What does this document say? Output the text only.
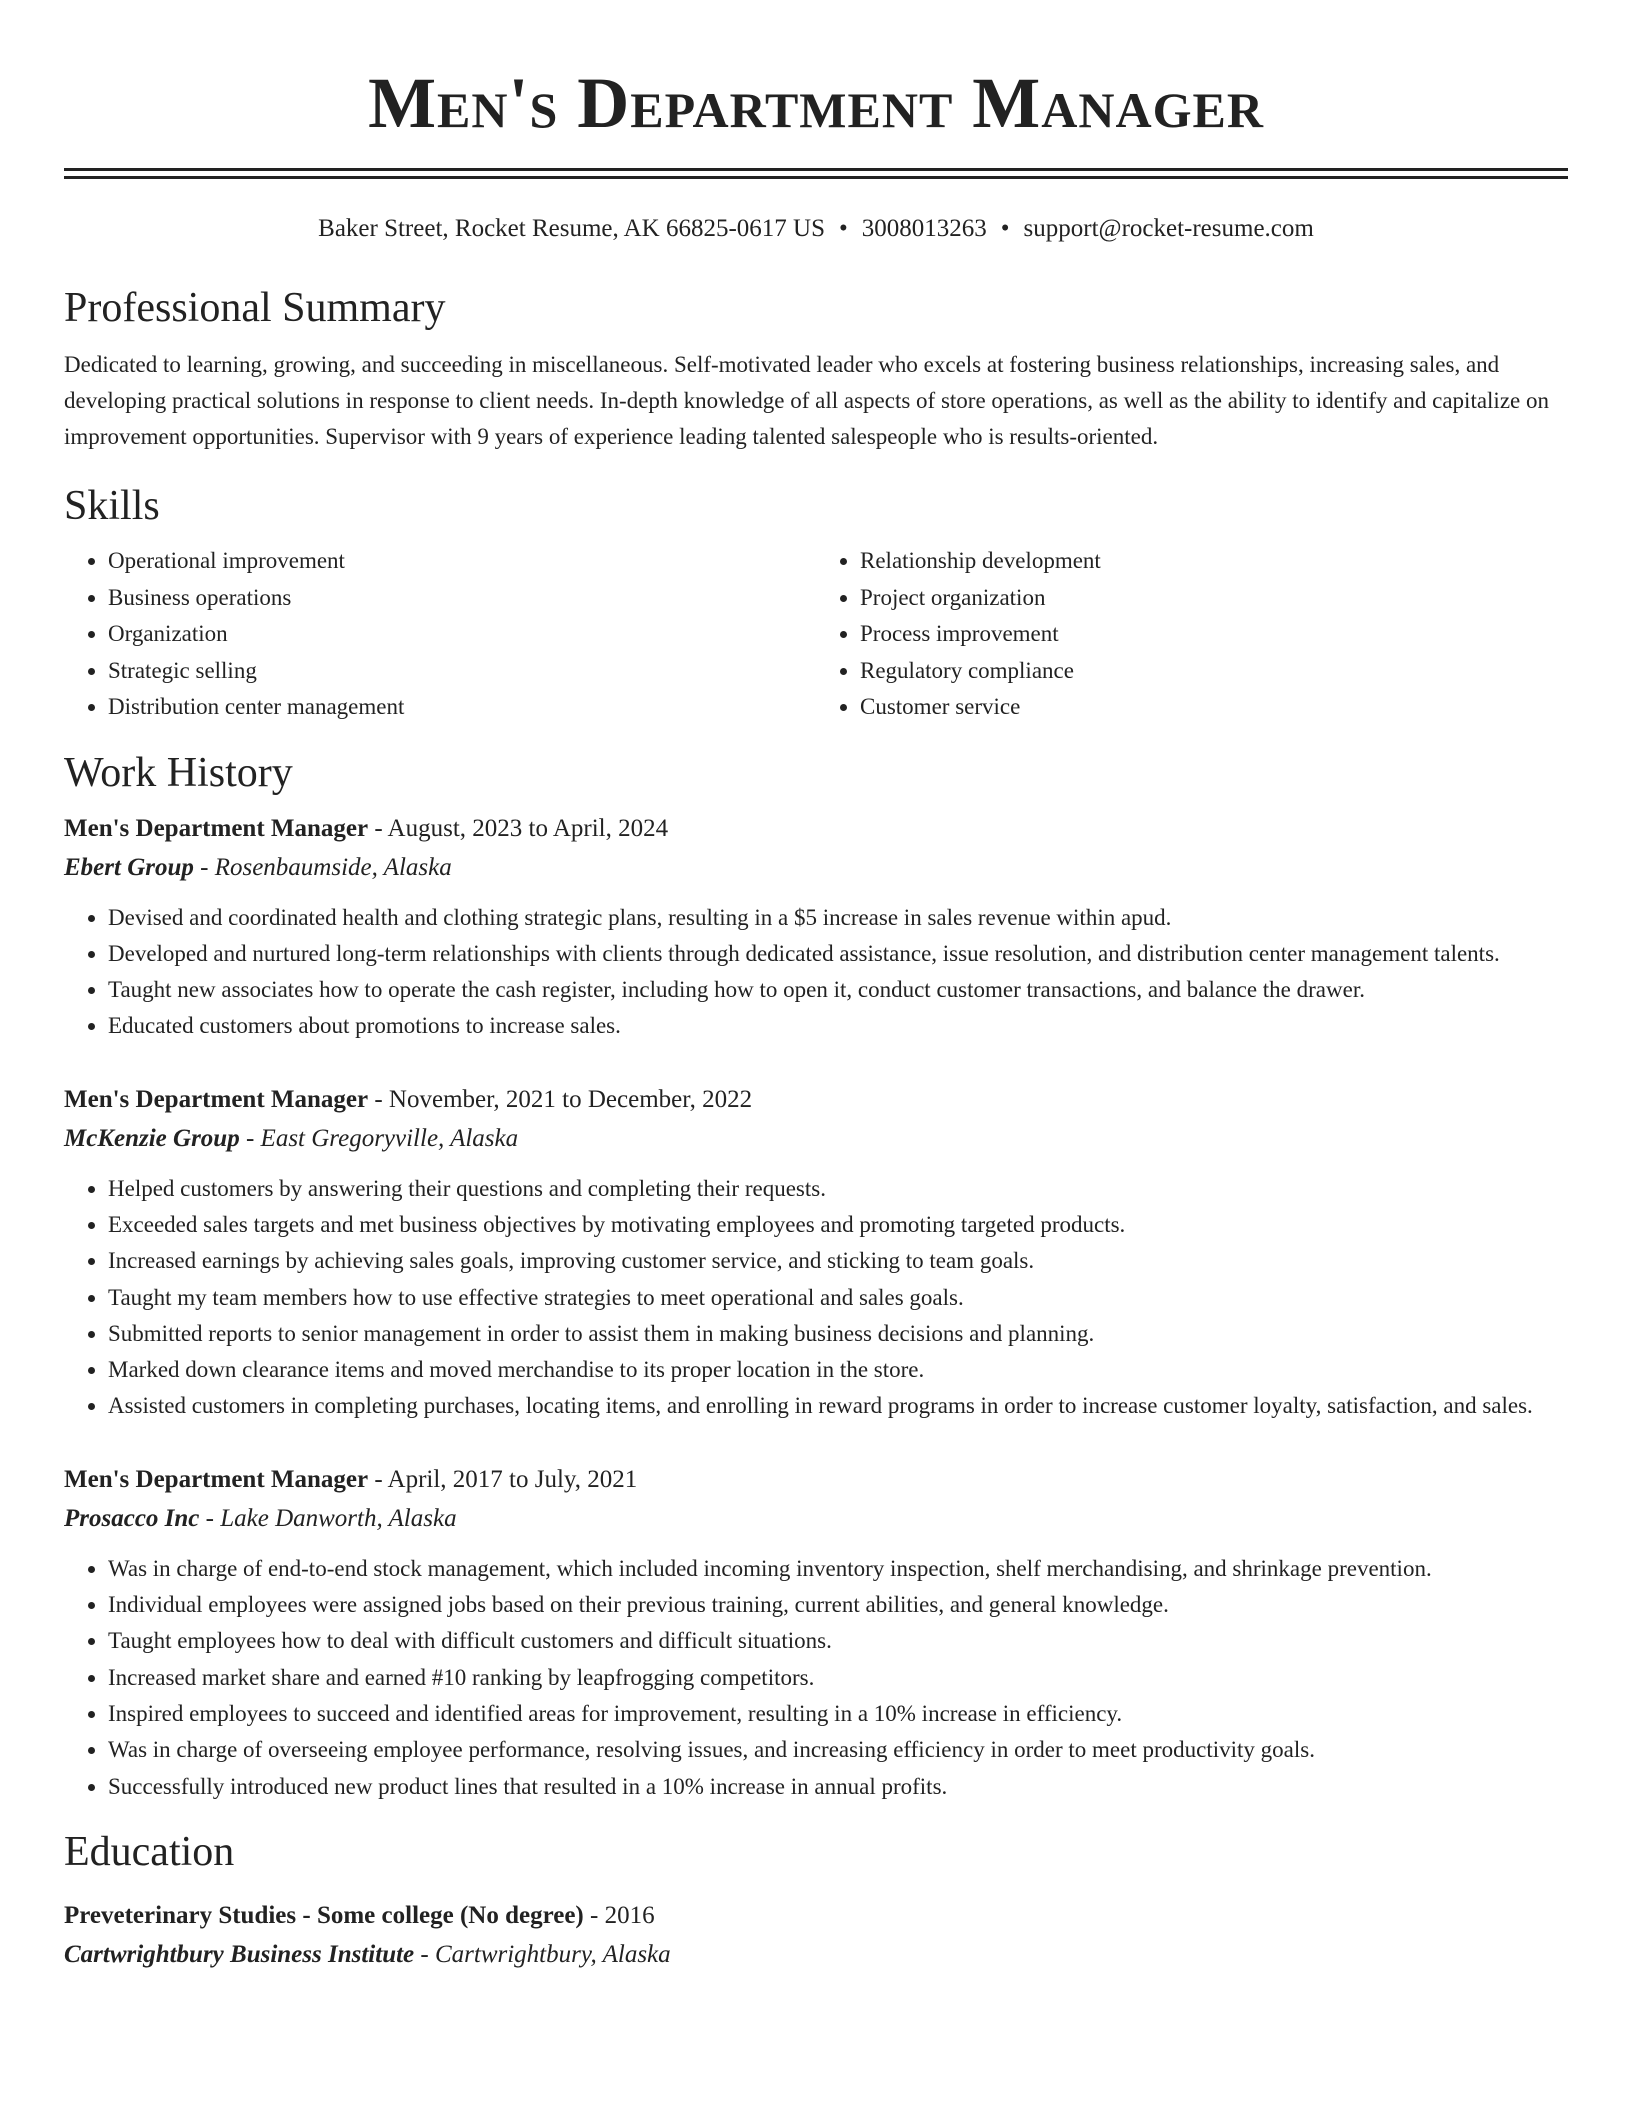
Men's Department Manager
Baker Street, Rocket Resume, AK 66825-0617 US • 3008013263 • support@rocket-resume.com
Professional Summary

Dedicated to learning, growing, and succeeding in miscellaneous. Self-motivated leader who excels at fostering business relationships, increasing sales, and developing practical solutions in response to client needs. In-depth knowledge of all aspects of store operations, as well as the ability to identify and capitalize on improvement opportunities. Supervisor with 9 years of experience leading talented salespeople who is results-oriented.

Skills
• Operational improvement
• Business operations
• Organization
• Strategic selling
• Distribution center management
• Relationship development
• Project organization
• Process improvement
• Regulatory compliance
• Customer service
Work History
Men's Department Manager - August, 2023 to April, 2024
Ebert Group - Rosenbaumside, Alaska
• Devised and coordinated health and clothing strategic plans, resulting in a $5 increase in sales revenue within apud.
• Developed and nurtured long-term relationships with clients through dedicated assistance, issue resolution, and distribution center management talents.
• Taught new associates how to operate the cash register, including how to open it, conduct customer transactions, and balance the drawer.
• Educated customers about promotions to increase sales.
Men's Department Manager - November, 2021 to December, 2022
McKenzie Group - East Gregoryville, Alaska
• Helped customers by answering their questions and completing their requests.
• Exceeded sales targets and met business objectives by motivating employees and promoting targeted products.
• Increased earnings by achieving sales goals, improving customer service, and sticking to team goals.
• Taught my team members how to use effective strategies to meet operational and sales goals.
• Submitted reports to senior management in order to assist them in making business decisions and planning.
• Marked down clearance items and moved merchandise to its proper location in the store.
• Assisted customers in completing purchases, locating items, and enrolling in reward programs in order to increase customer loyalty, satisfaction, and sales.
Men's Department Manager - April, 2017 to July, 2021
Prosacco Inc - Lake Danworth, Alaska
• Was in charge of end-to-end stock management, which included incoming inventory inspection, shelf merchandising, and shrinkage prevention.
• Individual employees were assigned jobs based on their previous training, current abilities, and general knowledge.
• Taught employees how to deal with difficult customers and difficult situations.
• Increased market share and earned #10 ranking by leapfrogging competitors.
• Inspired employees to succeed and identified areas for improvement, resulting in a 10% increase in efficiency.
• Was in charge of overseeing employee performance, resolving issues, and increasing efficiency in order to meet productivity goals.
• Successfully introduced new product lines that resulted in a 10% increase in annual profits.
Education
Preveterinary Studies - Some college (No degree) - 2016
Cartwrightbury Business Institute - Cartwrightbury, Alaska
